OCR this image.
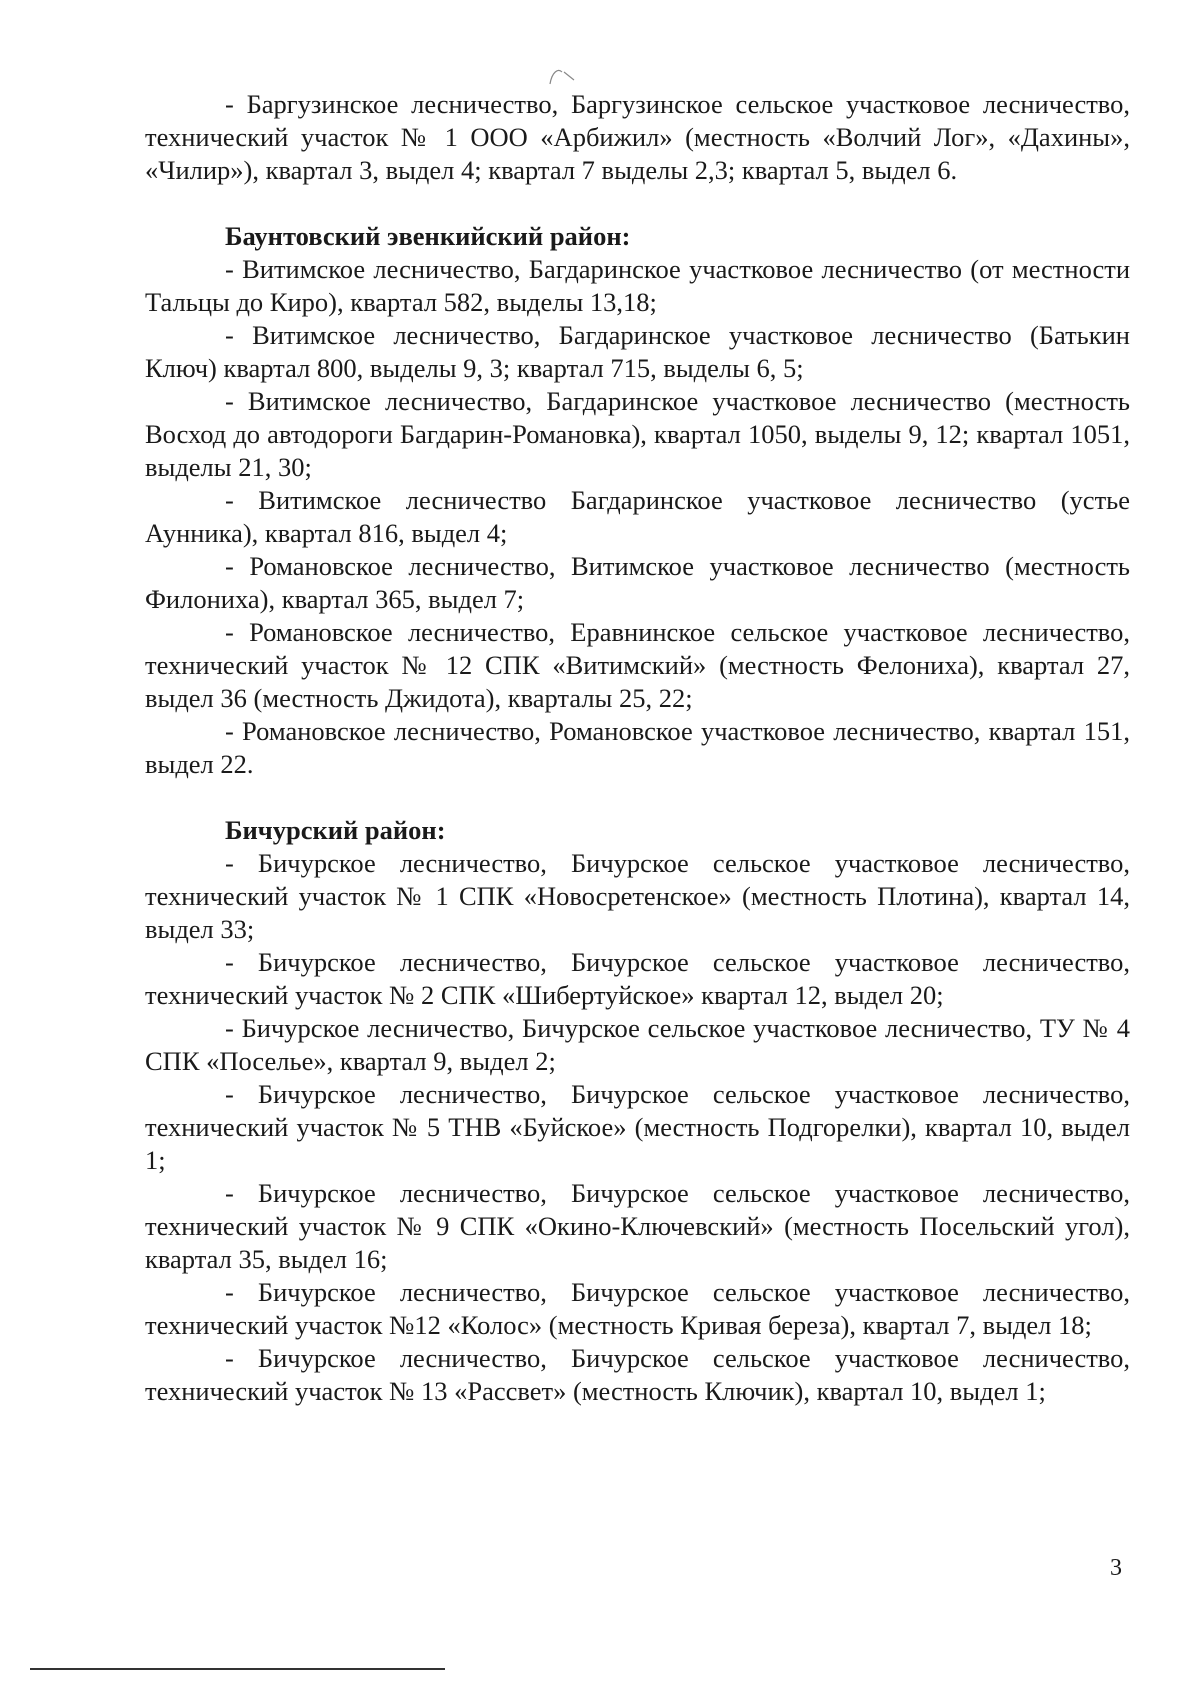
- Баргузинское лесничество, Баргузинское сельское участковое лесничество, технический участок № 1 ООО «Арбижил» (местность «Волчий Лог», «Дахины», «Чилир»), квартал 3, выдел 4; квартал 7 выделы 2,3; квартал 5, выдел 6.

Баунтовский эвенкийский район:

- Витимское лесничество, Багдаринское участковое лесничество (от местности Тальцы до Киро), квартал 582, выделы 13,18;

- Витимское лесничество, Багдаринское участковое лесничество (Батькин Ключ) квартал 800, выделы 9, 3; квартал 715, выделы 6, 5;

- Витимское лесничество, Багдаринское участковое лесничество (местность Восход до автодороги Багдарин-Романовка), квартал 1050, выделы 9, 12; квартал 1051, выделы 21, 30;

- Витимское лесничество Багдаринское участковое лесничество (устье Аунника), квартал 816, выдел 4;

- Романовское лесничество, Витимское участковое лесничество (местность Филониха), квартал 365, выдел 7;

- Романовское лесничество, Еравнинское сельское участковое лесничество, технический участок № 12 СПК «Витимский» (местность Фелониха), квартал 27, выдел 36 (местность Джидота), кварталы 25, 22;

- Романовское лесничество, Романовское участковое лесничество, квартал 151, выдел 22.

Бичурский район:

- Бичурское лесничество, Бичурское сельское участковое лесничество, технический участок № 1 СПК «Новосретенское» (местность Плотина), квартал 14, выдел 33;

- Бичурское лесничество, Бичурское сельское участковое лесничество, технический участок № 2 СПК «Шибертуйское» квартал 12, выдел 20;

- Бичурское лесничество, Бичурское сельское участковое лесничество, ТУ № 4 СПК «Поселье», квартал 9, выдел 2;

- Бичурское лесничество, Бичурское сельское участковое лесничество, технический участок № 5 ТНВ «Буйское» (местность Подгорелки), квартал 10, выдел 1;

- Бичурское лесничество, Бичурское сельское участковое лесничество, технический участок № 9 СПК «Окино-Ключевский» (местность Посельский угол), квартал 35, выдел 16;

- Бичурское лесничество, Бичурское сельское участковое лесничество, технический участок №12 «Колос» (местность Кривая береза), квартал 7, выдел 18;

- Бичурское лесничество, Бичурское сельское участковое лесничество, технический участок № 13 «Рассвет» (местность Ключик), квартал 10, выдел 1;

3
